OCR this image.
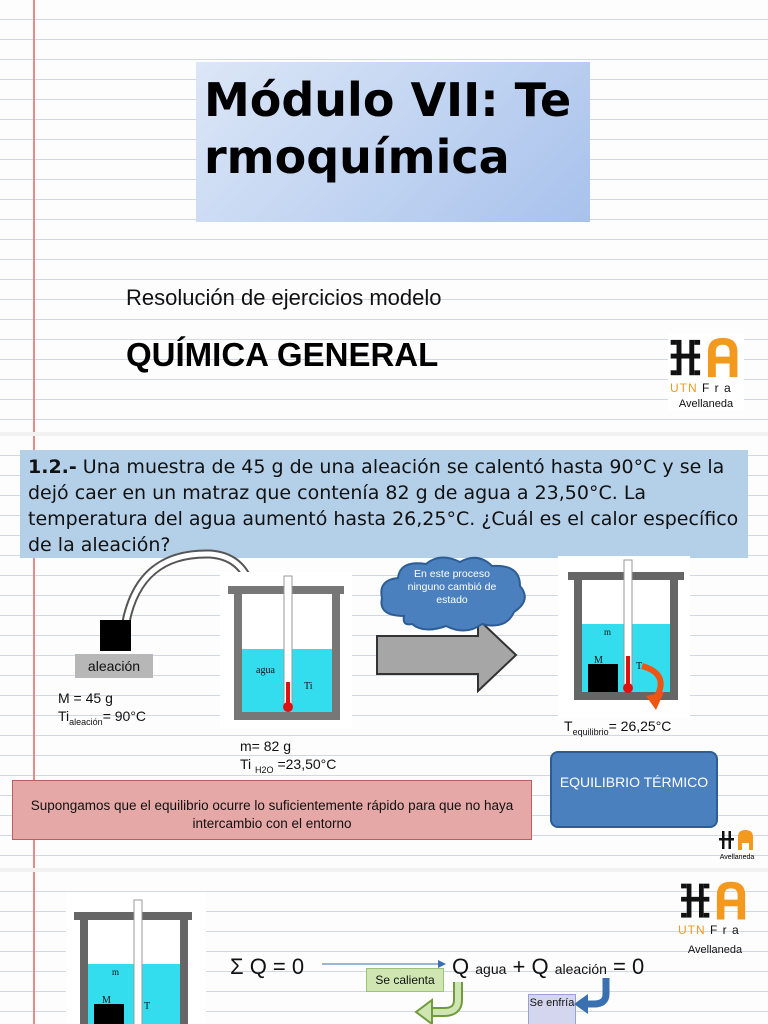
Módulo VII: Termoquímica
Resolución de ejercicios modelo
QUÍMICA GENERAL
UTN F r a
Avellaneda
1.2.- Una muestra de 45 g de una aleación se calentó hasta 90°C y se la dejó caer en un matraz que contenía 82 g de agua a 23,50°C. La temperatura del agua aumentó hasta 26,25°C. ¿Cuál es el calor específico de la aleación?
aleación
M = 45 g
$Ti_{aleación}= 90^\circ C$
agua
Ti
m= 82 g
Ti $_{H2O}$ =23,50°C
En este proceso ninguno cambió de estado
m
M
T
$T_{equilibrio}= 26,25^\circ C$
EQUILIBRIO TÉRMICO
Supongamos que el equilibrio ocurre lo suficientemente rápido para que no haya intercambio con el entorno
Avellaneda
m
M
T
Σ Q = 0	Q agua + Q aleación = 0
Se calienta
Se enfría
UTN F r a
Avellaneda
